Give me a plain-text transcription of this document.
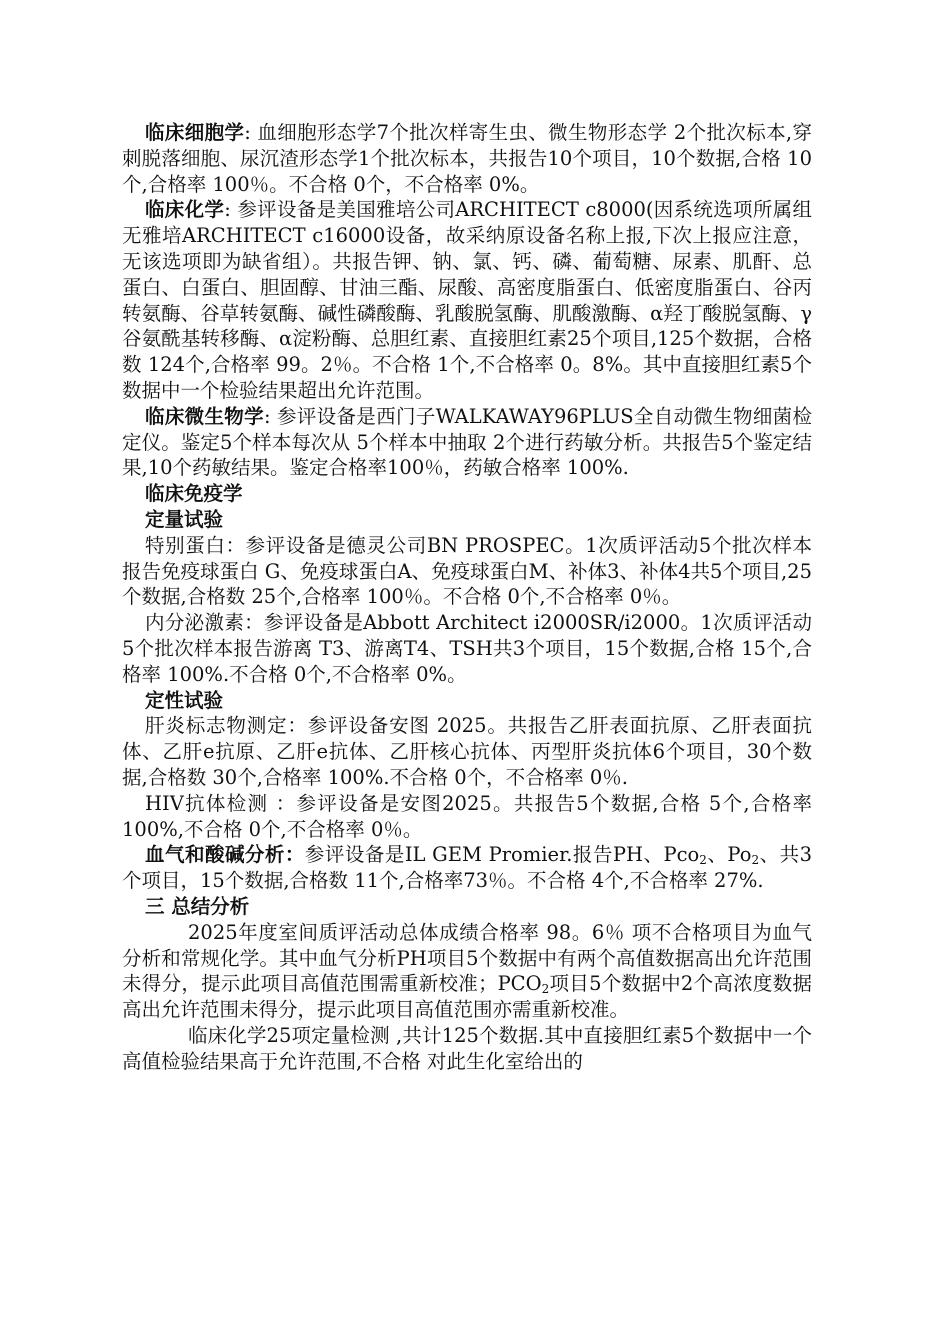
临床细胞学: 血细胞形态学7个批次样寄生虫、微生物形态学 2个批次标本,穿刺脱落细胞、尿沉渣形态学1个批次标本，共报告10个项目，10个数据,合格 10个,合格率 100％。不合格 0个，不合格率 0%。

临床化学: 参评设备是美国雅培公司ARCHITECT c8000(因系统选项所属组无雅培ARCHITECT c16000设备，故采纳原设备名称上报,下次上报应注意，无该选项即为缺省组）。共报告钾、钠、氯、钙、磷、葡萄糖、尿素、肌酐、总蛋白、白蛋白、胆固醇、甘油三酯、尿酸、高密度脂蛋白、低密度脂蛋白、谷丙转氨酶、谷草转氨酶、碱性磷酸酶、乳酸脱氢酶、肌酸激酶、α羟丁酸脱氢酶、γ谷氨酰基转移酶、α淀粉酶、总胆红素、直接胆红素25个项目,125个数据，合格数 124个,合格率 99。2％。不合格 1个,不合格率 0。8%。其中直接胆红素5个数据中一个检验结果超出允许范围。

临床微生物学: 参评设备是西门子WALKAWAY96PLUS全自动微生物细菌检定仪。鉴定5个样本每次从 5个样本中抽取 2个进行药敏分析。共报告5个鉴定结果,10个药敏结果。鉴定合格率100％，药敏合格率 100%.

临床免疫学

定量试验

特别蛋白：参评设备是德灵公司BN PROSPEC。1次质评活动5个批次样本报告免疫球蛋白 G、免疫球蛋白A、免疫球蛋白M、补体3、补体4共5个项目,25个数据,合格数 25个,合格率 100％。不合格 0个,不合格率 0％。

内分泌激素：参评设备是Abbott Architect i2000SR/i2000。1次质评活动5个批次样本报告游离 T3、游离T4、TSH共3个项目，15个数据,合格 15个,合格率 100%.不合格 0个,不合格率 0%。

定性试验

肝炎标志物测定：参评设备安图 2025。共报告乙肝表面抗原、乙肝表面抗体、乙肝e抗原、乙肝e抗体、乙肝核心抗体、丙型肝炎抗体6个项目，30个数据,合格数 30个,合格率 100%.不合格 0个，不合格率 0％.

HIV抗体检测 ：参评设备是安图2025。共报告5个数据,合格 5个,合格率 100%,不合格 0个,不合格率 0％。

血气和酸碱分析：参评设备是IL GEM Promier.报告PH、Pco$_2$、$Po_2$、共3个项目，15个数据,合格数 11个,合格率73％。不合格 4个,不合格率 27%.

三 总结分析

2025年度室间质评活动总体成绩合格率 98。6％ 项不合格项目为血气分析和常规化学。其中血气分析PH项目5个数据中有两个高值数据高出允许范围未得分，提示此项目高值范围需重新校准；$PCO_2$项目5个数据中2个高浓度数据高出允许范围未得分，提示此项目高值范围亦需重新校准。

临床化学25项定量检测 ,共计125个数据.其中直接胆红素5个数据中一个高值检验结果高于允许范围,不合格 对此生化室给出的
